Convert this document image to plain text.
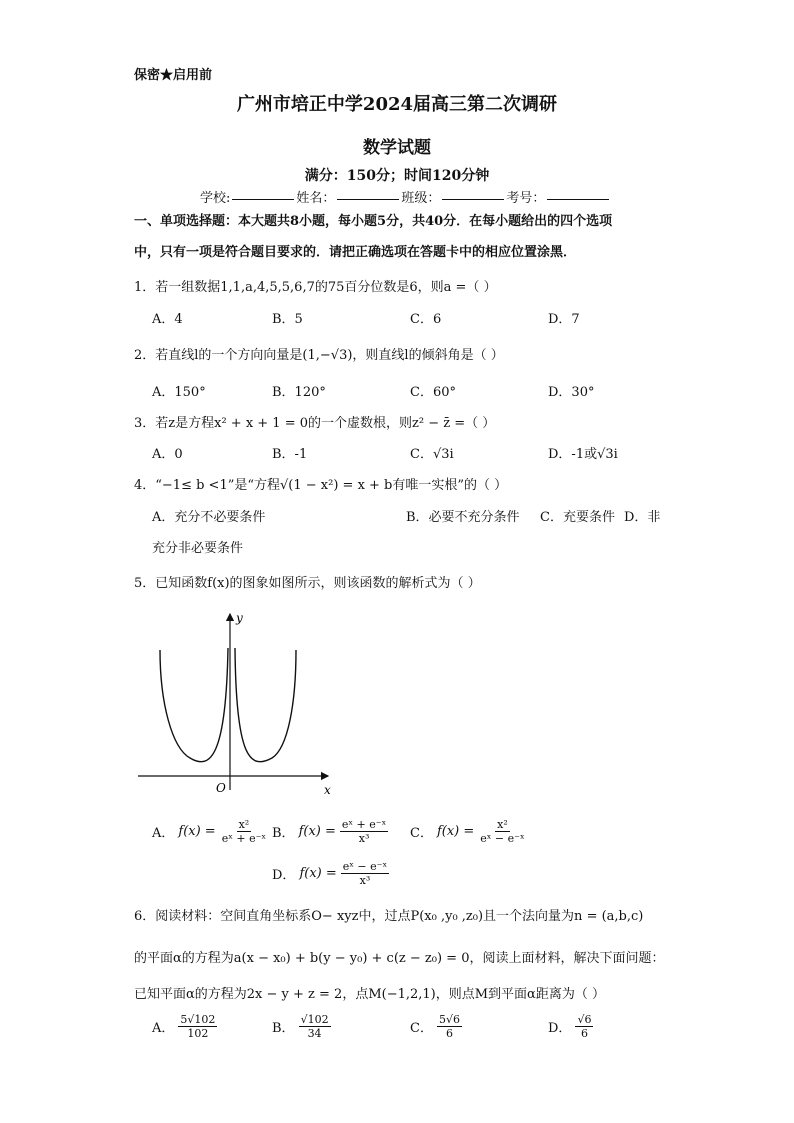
保密★启用前
广州市培正中学2024届高三第二次调研
数学试题
满分：150分；时间120分钟
学校:	姓名：	班级：	考号：
一、单项选择题：本大题共8小题，每小题5分，共40分．在每小题给出的四个选项
中，只有一项是符合题目要求的．请把正确选项在答题卡中的相应位置涂黑．
1．若一组数据1,1,a,4,5,5,6,7的75百分位数是6，则a =（ ）
A．4	B．5	C．6	D．7
2．若直线l的一个方向向量是(1,−√3)，则直线l的倾斜角是（ ）
A．150°	B．120°	C．60°	D．30°
3．若z是方程x² + x + 1 = 0的一个虚数根，则z² − z̄ =（ ）
A．0	B．-1	C．√3i	D．-1或√3i
4．“−1≤ b <1”是“方程√(1 − x²) = x + b有唯一实根”的（ ）
A．充分不必要条件	B．必要不充分条件 C．充要条件 D．非
充分非必要条件
5．已知函数f(x)的图象如图所示，则该函数的解析式为（ ）
y
x
O
A． $f(x) = \frac{\text{x²}}{\text{eˣ + e⁻ˣ}}$ B． $f(x) = \frac{\text{eˣ + e⁻ˣ}}{\text{x³}}$ C． $f(x) = \frac{\text{x²}}{\text{eˣ − e⁻ˣ}}$
D． $f(x) = \frac{\text{eˣ − e⁻ˣ}}{\text{x³}}$
6．阅读材料：空间直角坐标系O− xyz中，过点P(x₀ ,y₀ ,z₀)且一个法向量为n = (a,b,c)
的平面α的方程为a(x − x₀) + b(y − y₀) + c(z − z₀) = 0，阅读上面材料，解决下面问题：
已知平面α的方程为2x − y + z = 2，点M(−1,2,1)，则点M到平面α距离为（ ）
A． $\frac{5√102}{102}$	B． $\frac{√102}{34}$	C． $\frac{5√6}{6}$	D． $\frac{√6}{6}$
